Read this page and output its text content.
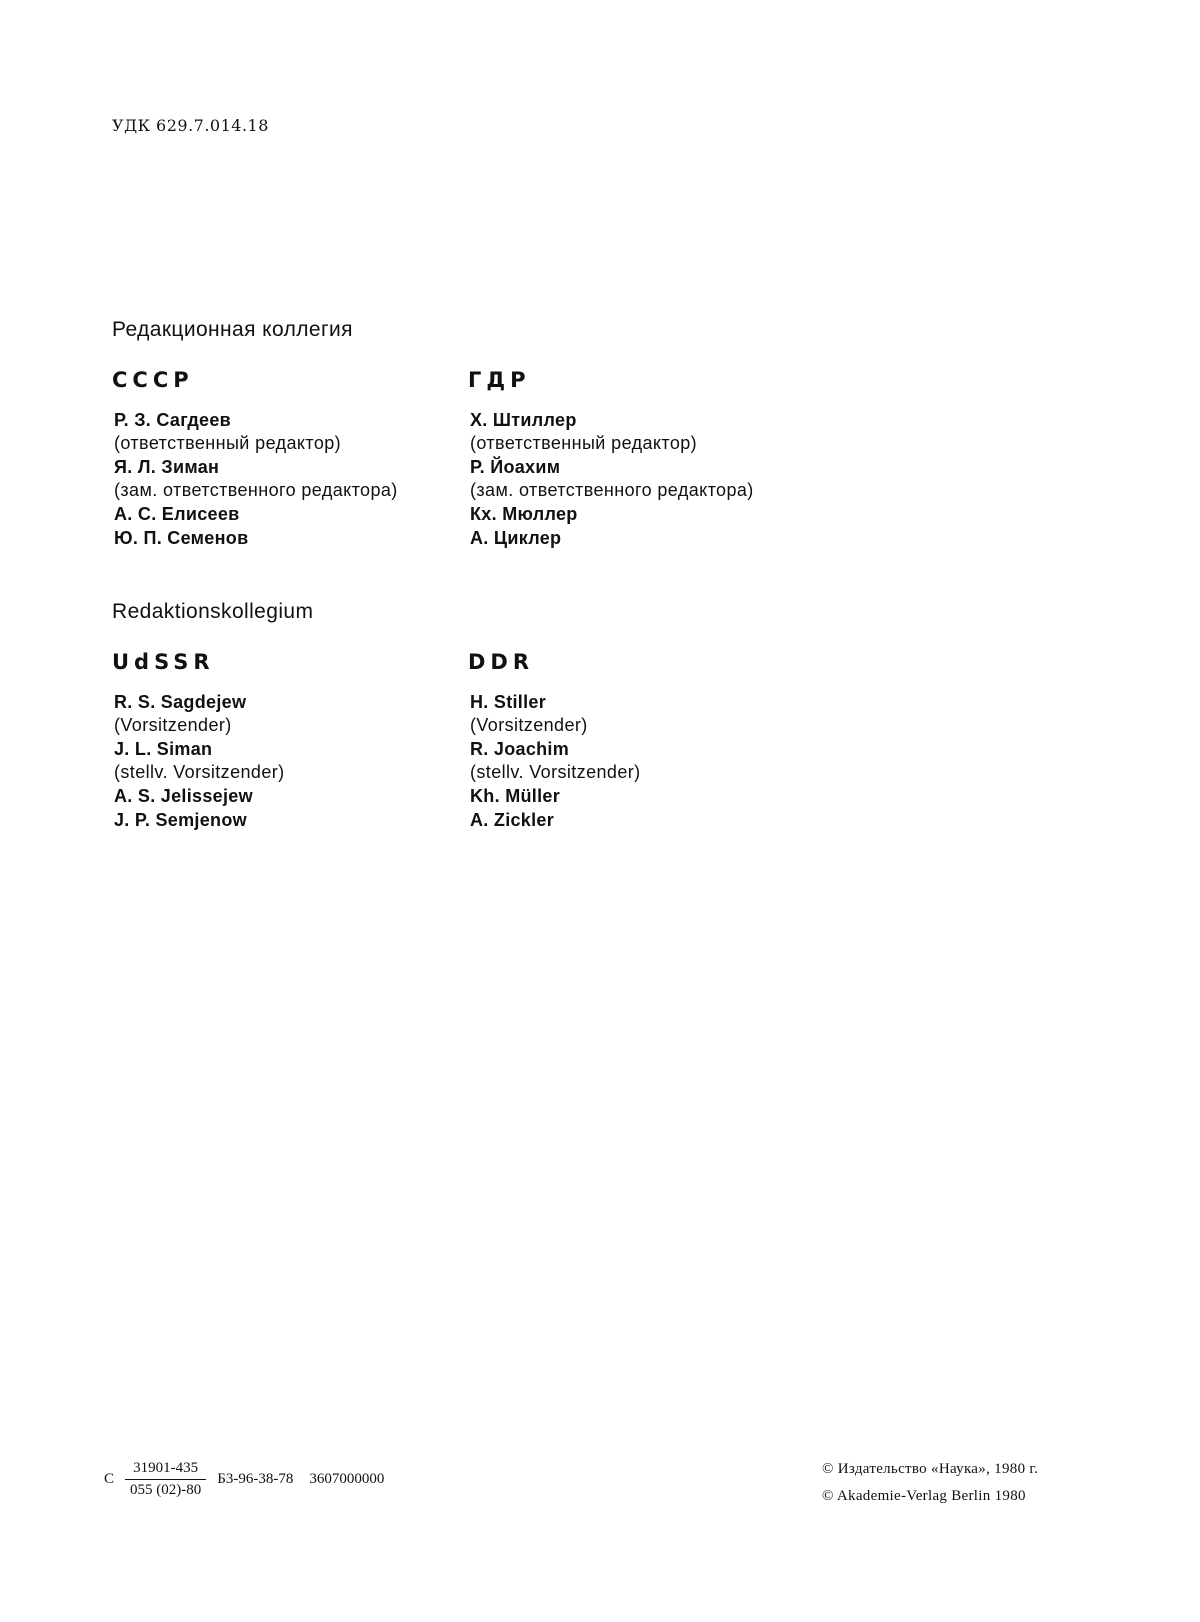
УДК 629.7.014.18
Редакционная коллегия
СССР
Р. З. Сагдеев
(ответственный редактор)
Я. Л. Зиман
(зам. ответственного редактора)
А. С. Елисеев
Ю. П. Семенов
ГДР
Х. Штиллер
(ответственный редактор)
Р. Йоахим
(зам. ответственного редактора)
Кх. Мюллер
А. Циклер
Redaktionskollegium
UdSSR
R. S. Sagdejew
(Vorsitzender)
J. L. Siman
(stellv. Vorsitzender)
A. S. Jelissejew
J. P. Semjenow
DDR
H. Stiller
(Vorsitzender)
R. Joachim
(stellv. Vorsitzender)
Kh. Müller
A. Zickler
С $\frac{31901-435}{055 (02)-80} Б3-96-38-78$ 3607000000
© Издательство «Наука», 1980 г.
© Akademie-Verlag Berlin 1980
